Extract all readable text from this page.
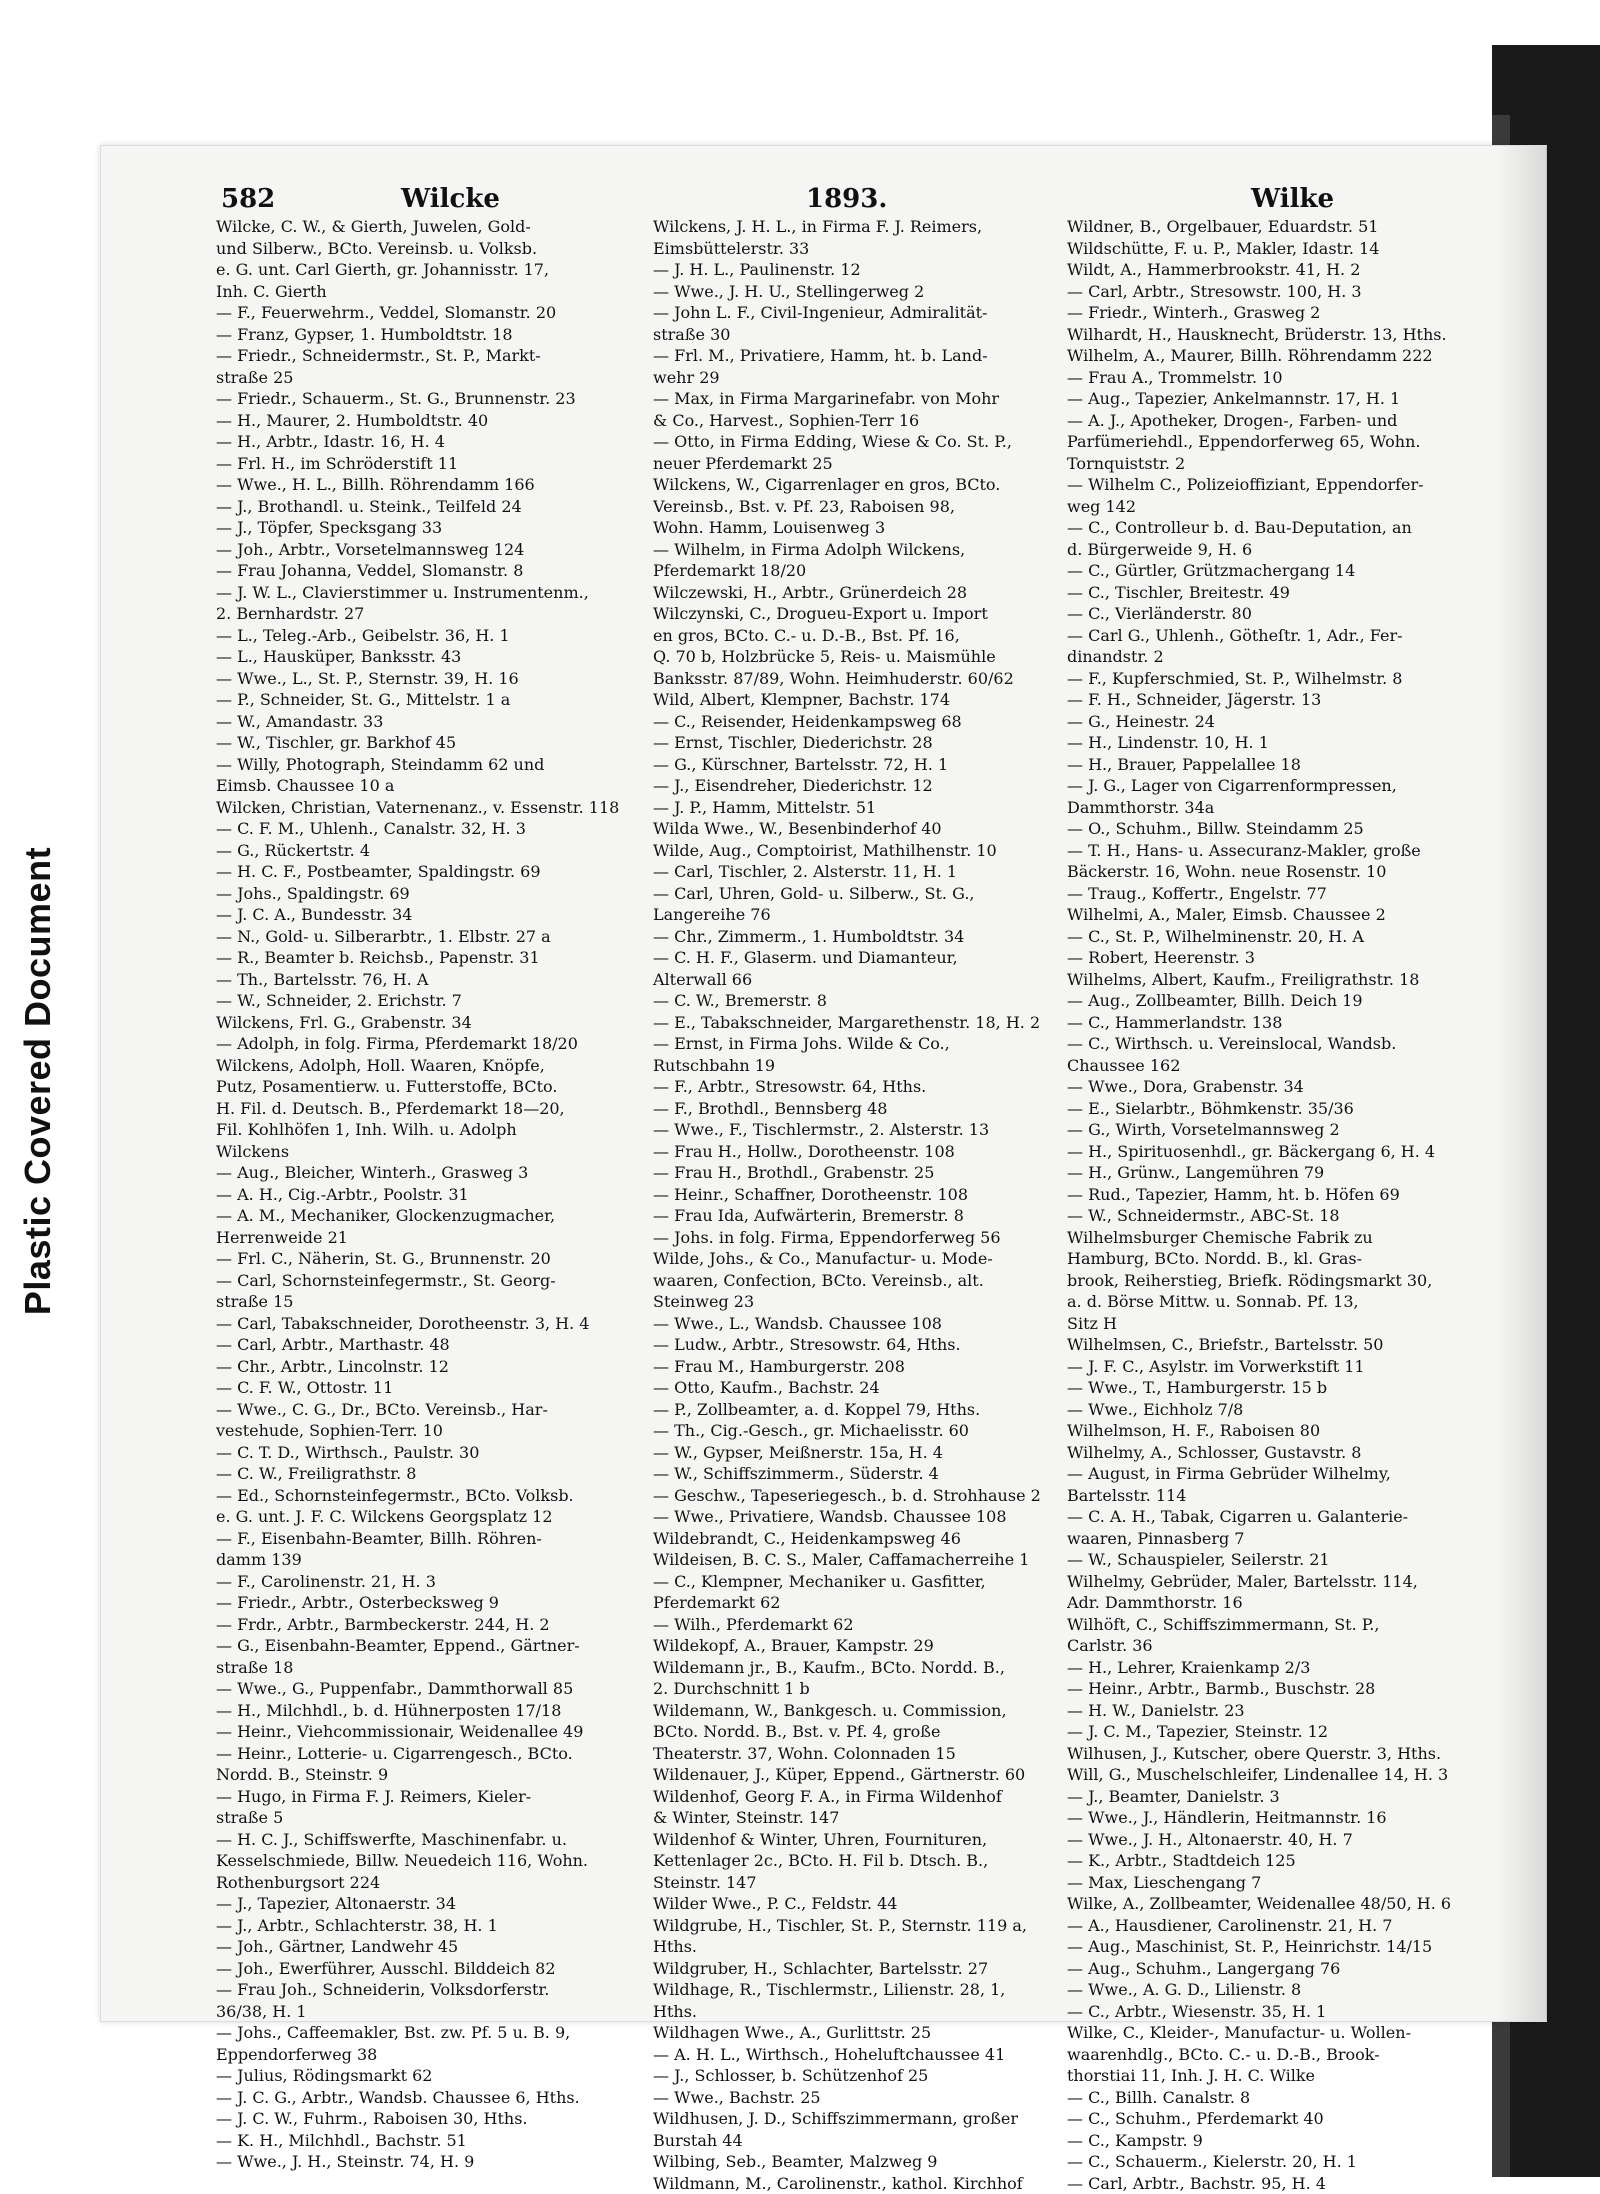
Plastic Covered Document
582	Wilcke	1893.	Wilke
Wilcke, C. W., & Gierth, Juwelen, Gold-
und Silberw., BCto. Vereinsb. u. Volksb.
e. G. unt. Carl Gierth, gr. Johannisstr. 17,
Inh. C. Gierth
— F., Feuerwehrm., Veddel, Slomanstr. 20
— Franz, Gypser, 1. Humboldtstr. 18
— Friedr., Schneidermstr., St. P., Markt-
straße 25
— Friedr., Schauerm., St. G., Brunnenstr. 23
— H., Maurer, 2. Humboldtstr. 40
— H., Arbtr., Idastr. 16, H. 4
— Frl. H., im Schröderstift 11
— Wwe., H. L., Billh. Röhrendamm 166
— J., Brothandl. u. Steink., Teilfeld 24
— J., Töpfer, Specksgang 33
— Joh., Arbtr., Vorsetelmannsweg 124
— Frau Johanna, Veddel, Slomanstr. 8
— J. W. L., Clavierstimmer u. Instrumentenm.,
2. Bernhardstr. 27
— L., Teleg.-Arb., Geibelstr. 36, H. 1
— L., Hausküper, Banksstr. 43
— Wwe., L., St. P., Sternstr. 39, H. 16
— P., Schneider, St. G., Mittelstr. 1 a
— W., Amandastr. 33
— W., Tischler, gr. Barkhof 45
— Willy, Photograph, Steindamm 62 und
Eimsb. Chaussee 10 a
Wilcken, Christian, Vaternenanz., v. Essenstr. 118
— C. F. M., Uhlenh., Canalstr. 32, H. 3
— G., Rückertstr. 4
— H. C. F., Postbeamter, Spaldingstr. 69
— Johs., Spaldingstr. 69
— J. C. A., Bundesstr. 34
— N., Gold- u. Silberarbtr., 1. Elbstr. 27 a
— R., Beamter b. Reichsb., Papenstr. 31
— Th., Bartelsstr. 76, H. A
— W., Schneider, 2. Erichstr. 7
Wilckens, Frl. G., Grabenstr. 34
— Adolph, in folg. Firma, Pferdemarkt 18/20
Wilckens, Adolph, Holl. Waaren, Knöpfe,
Putz, Posamentierw. u. Futterstoffe, BCto.
H. Fil. d. Deutsch. B., Pferdemarkt 18—20,
Fil. Kohlhöfen 1, Inh. Wilh. u. Adolph
Wilckens
— Aug., Bleicher, Winterh., Grasweg 3
— A. H., Cig.-Arbtr., Poolstr. 31
— A. M., Mechaniker, Glockenzugmacher,
Herrenweide 21
— Frl. C., Näherin, St. G., Brunnenstr. 20
— Carl, Schornsteinfegermstr., St. Georg-
straße 15
— Carl, Tabakschneider, Dorotheenstr. 3, H. 4
— Carl, Arbtr., Marthastr. 48
— Chr., Arbtr., Lincolnstr. 12
— C. F. W., Ottostr. 11
— Wwe., C. G., Dr., BCto. Vereinsb., Har-
vestehude, Sophien-Terr. 10
— C. T. D., Wirthsch., Paulstr. 30
— C. W., Freiligrathstr. 8
— Ed., Schornsteinfegermstr., BCto. Volksb.
e. G. unt. J. F. C. Wilckens Georgsplatz 12
— F., Eisenbahn-Beamter, Billh. Röhren-
damm 139
— F., Carolinenstr. 21, H. 3
— Friedr., Arbtr., Osterbecksweg 9
— Frdr., Arbtr., Barmbeckerstr. 244, H. 2
— G., Eisenbahn-Beamter, Eppend., Gärtner-
straße 18
— Wwe., G., Puppenfabr., Dammthorwall 85
— H., Milchhdl., b. d. Hühnerposten 17/18
— Heinr., Viehcommissionair, Weidenallee 49
— Heinr., Lotterie- u. Cigarrengesch., BCto.
Nordd. B., Steinstr. 9
— Hugo, in Firma F. J. Reimers, Kieler-
straße 5
— H. C. J., Schiffswerfte, Maschinenfabr. u.
Kesselschmiede, Billw. Neuedeich 116, Wohn.
Rothenburgsort 224
— J., Tapezier, Altonaerstr. 34
— J., Arbtr., Schlachterstr. 38, H. 1
— Joh., Gärtner, Landwehr 45
— Joh., Ewerführer, Ausschl. Bilddeich 82
— Frau Joh., Schneiderin, Volksdorferstr.
36/38, H. 1
— Johs., Caffeemakler, Bst. zw. Pf. 5 u. B. 9,
Eppendorferweg 38
— Julius, Rödingsmarkt 62
— J. C. G., Arbtr., Wandsb. Chaussee 6, Hths.
— J. C. W., Fuhrm., Raboisen 30, Hths.
— K. H., Milchhdl., Bachstr. 51
— Wwe., J. H., Steinstr. 74, H. 9
Wilckens, J. H. L., in Firma F. J. Reimers,
Eimsbüttelerstr. 33
— J. H. L., Paulinenstr. 12
— Wwe., J. H. U., Stellingerweg 2
— John L. F., Civil-Ingenieur, Admiralität-
straße 30
— Frl. M., Privatiere, Hamm, ht. b. Land-
wehr 29
— Max, in Firma Margarinefabr. von Mohr
& Co., Harvest., Sophien-Terr 16
— Otto, in Firma Edding, Wiese & Co. St. P.,
neuer Pferdemarkt 25
Wilckens, W., Cigarrenlager en gros, BCto.
Vereinsb., Bst. v. Pf. 23, Raboisen 98,
Wohn. Hamm, Louisenweg 3
— Wilhelm, in Firma Adolph Wilckens,
Pferdemarkt 18/20
Wilczewski, H., Arbtr., Grünerdeich 28
Wilczynski, C., Drogueu-Export u. Import
en gros, BCto. C.- u. D.-B., Bst. Pf. 16,
Q. 70 b, Holzbrücke 5, Reis- u. Maismühle
Banksstr. 87/89, Wohn. Heimhuderstr. 60/62
Wild, Albert, Klempner, Bachstr. 174
— C., Reisender, Heidenkampsweg 68
— Ernst, Tischler, Diederichstr. 28
— G., Kürschner, Bartelsstr. 72, H. 1
— J., Eisendreher, Diederichstr. 12
— J. P., Hamm, Mittelstr. 51
Wilda Wwe., W., Besenbinderhof 40
Wilde, Aug., Comptoirist, Mathilhenstr. 10
— Carl, Tischler, 2. Alsterstr. 11, H. 1
— Carl, Uhren, Gold- u. Silberw., St. G.,
Langereihe 76
— Chr., Zimmerm., 1. Humboldtstr. 34
— C. H. F., Glaserm. und Diamanteur,
Alterwall 66
— C. W., Bremerstr. 8
— E., Tabakschneider, Margarethenstr. 18, H. 2
— Ernst, in Firma Johs. Wilde & Co.,
Rutschbahn 19
— F., Arbtr., Stresowstr. 64, Hths.
— F., Brothdl., Bennsberg 48
— Wwe., F., Tischlermstr., 2. Alsterstr. 13
— Frau H., Hollw., Dorotheenstr. 108
— Frau H., Brothdl., Grabenstr. 25
— Heinr., Schaffner, Dorotheenstr. 108
— Frau Ida, Aufwärterin, Bremerstr. 8
— Johs. in folg. Firma, Eppendorferweg 56
Wilde, Johs., & Co., Manufactur- u. Mode-
waaren, Confection, BCto. Vereinsb., alt.
Steinweg 23
— Wwe., L., Wandsb. Chaussee 108
— Ludw., Arbtr., Stresowstr. 64, Hths.
— Frau M., Hamburgerstr. 208
— Otto, Kaufm., Bachstr. 24
— P., Zollbeamter, a. d. Koppel 79, Hths.
— Th., Cig.-Gesch., gr. Michaelisstr. 60
— W., Gypser, Meißnerstr. 15a, H. 4
— W., Schiffszimmerm., Süderstr. 4
— Geschw., Tapeseriegesch., b. d. Strohhause 2
— Wwe., Privatiere, Wandsb. Chaussee 108
Wildebrandt, C., Heidenkampsweg 46
Wildeisen, B. C. S., Maler, Caffamacherreihe 1
— C., Klempner, Mechaniker u. Gasfitter,
Pferdemarkt 62
— Wilh., Pferdemarkt 62
Wildekopf, A., Brauer, Kampstr. 29
Wildemann jr., B., Kaufm., BCto. Nordd. B.,
2. Durchschnitt 1 b
Wildemann, W., Bankgesch. u. Commission,
BCto. Nordd. B., Bst. v. Pf. 4, große
Theaterstr. 37, Wohn. Colonnaden 15
Wildenauer, J., Küper, Eppend., Gärtnerstr. 60
Wildenhof, Georg F. A., in Firma Wildenhof
& Winter, Steinstr. 147
Wildenhof & Winter, Uhren, Fournituren,
Kettenlager 2c., BCto. H. Fil b. Dtsch. B.,
Steinstr. 147
Wilder Wwe., P. C., Feldstr. 44
Wildgrube, H., Tischler, St. P., Sternstr. 119 a,
Hths.
Wildgruber, H., Schlachter, Bartelsstr. 27
Wildhage, R., Tischlermstr., Lilienstr. 28, 1,
Hths.
Wildhagen Wwe., A., Gurlittstr. 25
— A. H. L., Wirthsch., Hoheluftchaussee 41
— J., Schlosser, b. Schützenhof 25
— Wwe., Bachstr. 25
Wildhusen, J. D., Schiffszimmermann, großer
Burstah 44
Wilbing, Seb., Beamter, Malzweg 9
Wildmann, M., Carolinenstr., kathol. Kirchhof
Wildner, B., Orgelbauer, Eduardstr. 51
Wildschütte, F. u. P., Makler, Idastr. 14
Wildt, A., Hammerbrookstr. 41, H. 2
— Carl, Arbtr., Stresowstr. 100, H. 3
— Friedr., Winterh., Grasweg 2
Wilhardt, H., Hausknecht, Brüderstr. 13, Hths.
Wilhelm, A., Maurer, Billh. Röhrendamm 222
— Frau A., Trommelstr. 10
— Aug., Tapezier, Ankelmannstr. 17, H. 1
— A. J., Apotheker, Drogen-, Farben- und
Parfümeriehdl., Eppendorferweg 65, Wohn.
Tornquiststr. 2
— Wilhelm C., Polizeioffiziant, Eppendorfer-
weg 142
— C., Controlleur b. d. Bau-Deputation, an
d. Bürgerweide 9, H. 6
— C., Gürtler, Grützmachergang 14
— C., Tischler, Breitestr. 49
— C., Vierländerstr. 80
— Carl G., Uhlenh., Götheſtr. 1, Adr., Fer-
dinandstr. 2
— F., Kupferschmied, St. P., Wilhelmstr. 8
— F. H., Schneider, Jägerstr. 13
— G., Heinestr. 24
— H., Lindenstr. 10, H. 1
— H., Brauer, Pappelallee 18
— J. G., Lager von Cigarrenformpressen,
Dammthorstr. 34a
— O., Schuhm., Billw. Steindamm 25
— T. H., Hans- u. Assecuranz-Makler, große
Bäckerstr. 16, Wohn. neue Rosenstr. 10
— Traug., Koffertr., Engelstr. 77
Wilhelmi, A., Maler, Eimsb. Chaussee 2
— C., St. P., Wilhelminenstr. 20, H. A
— Robert, Heerenstr. 3
Wilhelms, Albert, Kaufm., Freiligrathstr. 18
— Aug., Zollbeamter, Billh. Deich 19
— C., Hammerlandstr. 138
— C., Wirthsch. u. Vereinslocal, Wandsb.
Chaussee 162
— Wwe., Dora, Grabenstr. 34
— E., Sielarbtr., Böhmkenstr. 35/36
— G., Wirth, Vorsetelmannsweg 2
— H., Spirituosenhdl., gr. Bäckergang 6, H. 4
— H., Grünw., Langemühren 79
— Rud., Tapezier, Hamm, ht. b. Höfen 69
— W., Schneidermstr., ABC-St. 18
Wilhelmsburger Chemische Fabrik zu
Hamburg, BCto. Nordd. B., kl. Gras-
brook, Reiherstieg, Briefk. Rödingsmarkt 30,
a. d. Börse Mittw. u. Sonnab. Pf. 13,
Sitz H
Wilhelmsen, C., Briefstr., Bartelsstr. 50
— J. F. C., Asylstr. im Vorwerkstift 11
— Wwe., T., Hamburgerstr. 15 b
— Wwe., Eichholz 7/8
Wilhelmson, H. F., Raboisen 80
Wilhelmy, A., Schlosser, Gustavstr. 8
— August, in Firma Gebrüder Wilhelmy,
Bartelsstr. 114
— C. A. H., Tabak, Cigarren u. Galanterie-
waaren, Pinnasberg 7
— W., Schauspieler, Seilerstr. 21
Wilhelmy, Gebrüder, Maler, Bartelsstr. 114,
Adr. Dammthorstr. 16
Wilhöft, C., Schiffszimmermann, St. P.,
Carlstr. 36
— H., Lehrer, Kraienkamp 2/3
— Heinr., Arbtr., Barmb., Buschstr. 28
— H. W., Danielstr. 23
— J. C. M., Tapezier, Steinstr. 12
Wilhusen, J., Kutscher, obere Querstr. 3, Hths.
Will, G., Muschelschleifer, Lindenallee 14, H. 3
— J., Beamter, Danielstr. 3
— Wwe., J., Händlerin, Heitmannstr. 16
— Wwe., J. H., Altonaerstr. 40, H. 7
— K., Arbtr., Stadtdeich 125
— Max, Lieschengang 7
Wilke, A., Zollbeamter, Weidenallee 48/50, H. 6
— A., Hausdiener, Carolinenstr. 21, H. 7
— Aug., Maschinist, St. P., Heinrichstr. 14/15
— Aug., Schuhm., Langergang 76
— Wwe., A. G. D., Lilienstr. 8
— C., Arbtr., Wiesenstr. 35, H. 1
Wilke, C., Kleider-, Manufactur- u. Wollen-
waarenhdlg., BCto. C.- u. D.-B., Brook-
thorstiai 11, Inh. J. H. C. Wilke
— C., Billh. Canalstr. 8
— C., Schuhm., Pferdemarkt 40
— C., Kampstr. 9
— C., Schauerm., Kielerstr. 20, H. 1
— Carl, Arbtr., Bachstr. 95, H. 4
